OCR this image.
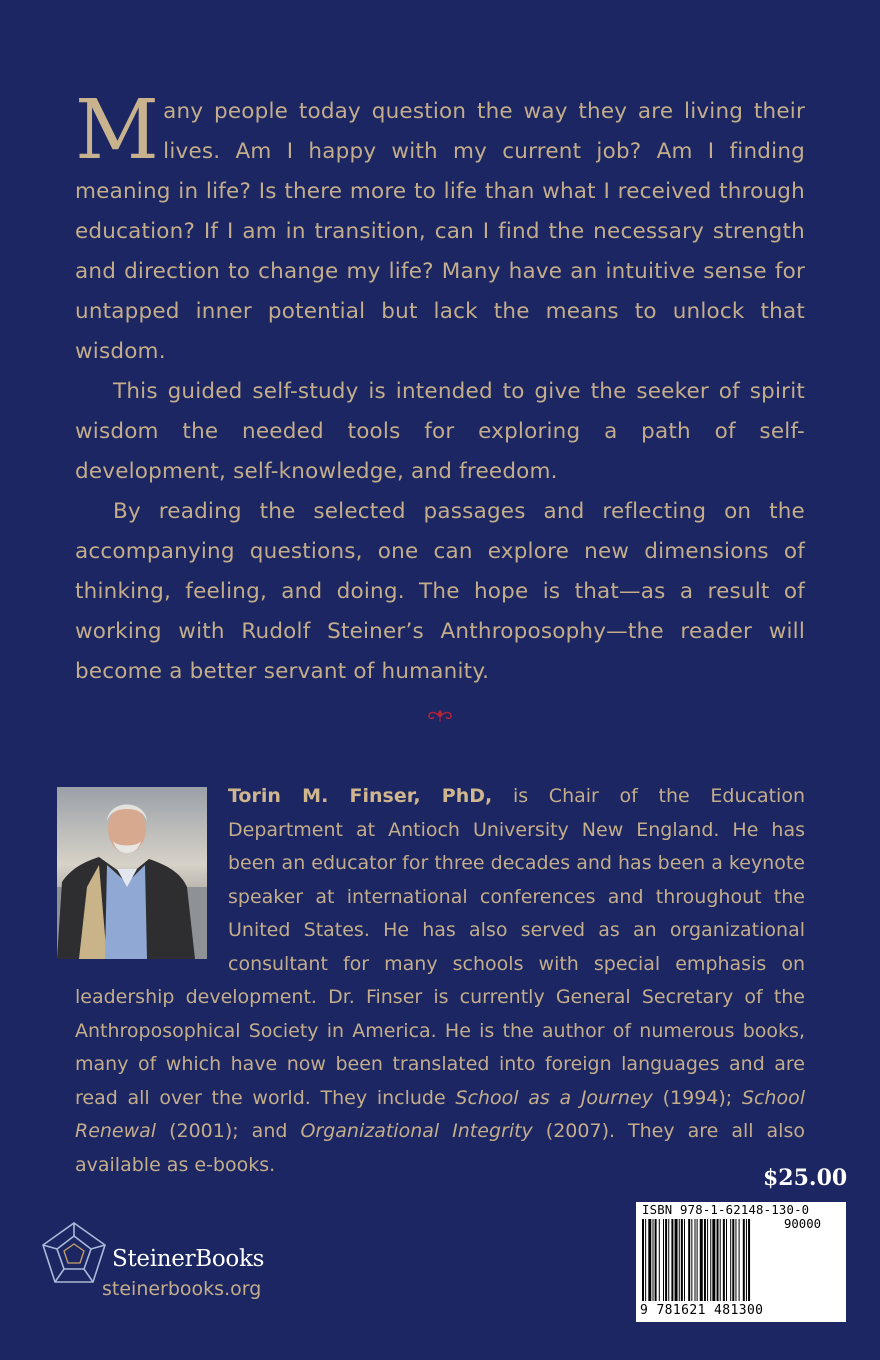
Many people today question the way they are living their lives. Am I happy with my current job? Am I finding meaning in life? Is there more to life than what I received through education? If I am in transition, can I find the necessary strength and direction to change my life? Many have an intuitive sense for untapped inner potential but lack the means to unlock that wisdom.

This guided self-study is intended to give the seeker of spirit wisdom the needed tools for exploring a path of self-development, self-knowledge, and freedom.

By reading the selected passages and reflecting on the accompanying questions, one can explore new dimensions of thinking, feeling, and doing. The hope is that—as a result of working with Rudolf Steiner’s Anthroposophy—the reader will become a better servant of humanity.

Torin M. Finser, PhD, is Chair of the Education Department at Antioch University New England. He has been an educator for three decades and has been a keynote speaker at international conferences and throughout the United States. He has also served as an organizational consultant for many schools with special emphasis on leadership development. Dr. Finser is currently General Secretary of the Anthroposophical Society in America. He is the author of numerous books, many of which have now been translated into foreign languages and are read all over the world. They include School as a Journey (1994); School Renewal (2001); and Organizational Integrity (2007). They are all also available as e-books.
$25.00
ISBN 978-1-62148-130-0
90000
9 781621 481300
SteinerBooks
steinerbooks.org
